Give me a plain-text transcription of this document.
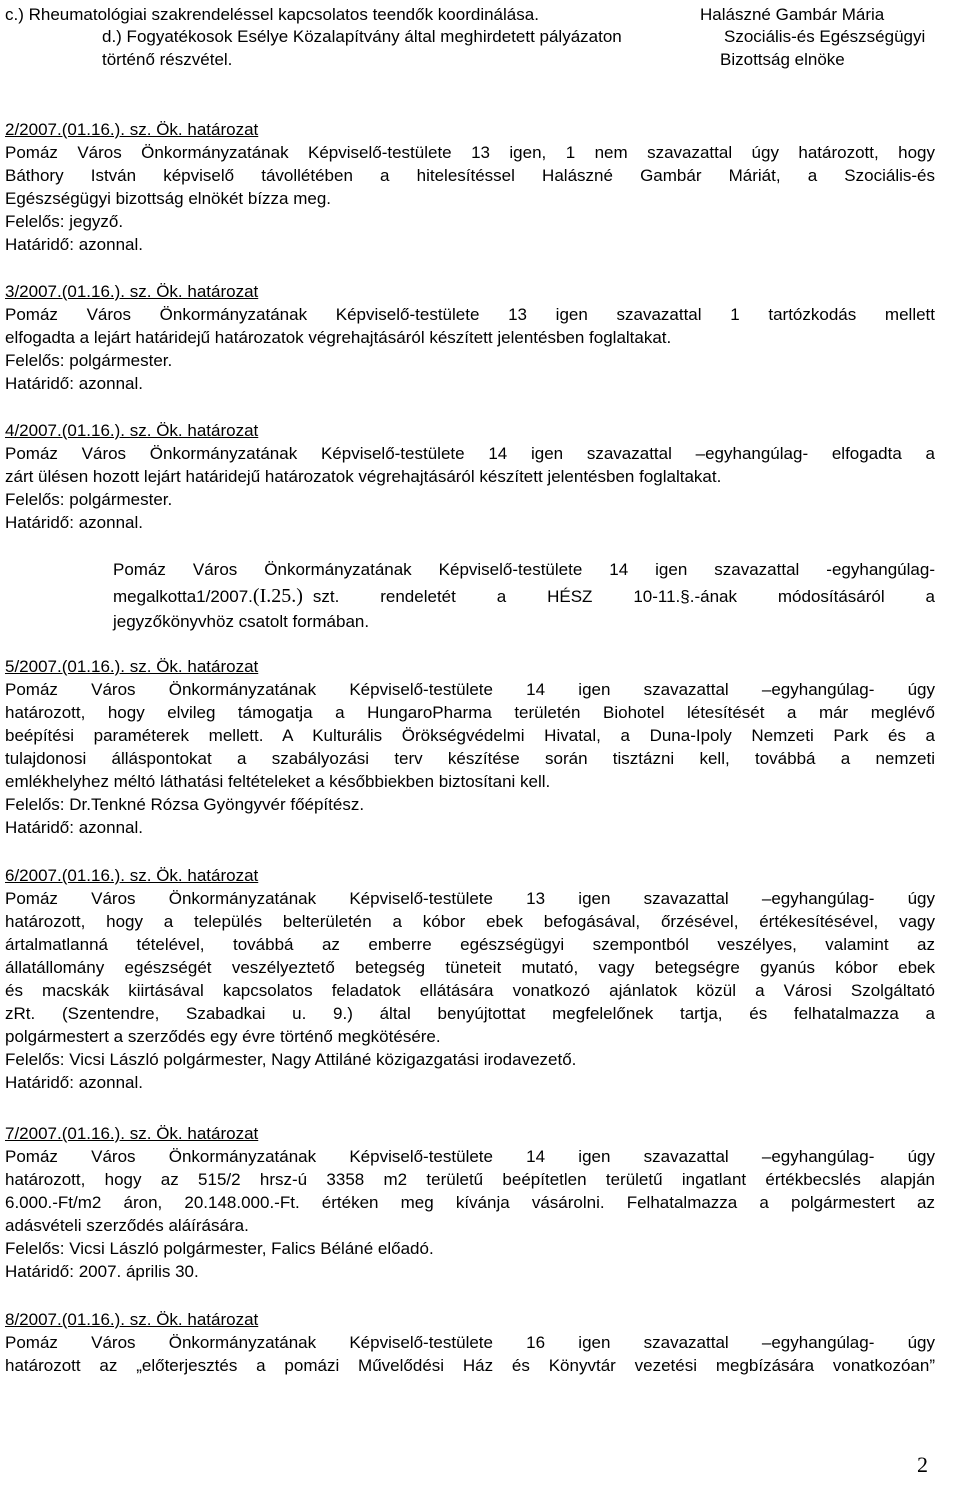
c.) Rheumatológiai szakrendeléssel kapcsolatos teendők koordinálása.	Halászné Gambár Mária
d.) Fogyatékosok Esélye Közalapítvány által meghirdetett pályázaton	Szociális-és Egészségügyi
történő részvétel.	Bizottság elnöke
2/2007.(01.16.). sz. Ök. határozat
Pomáz Város Önkormányzatának Képviselő-testülete 13 igen, 1 nem szavazattal úgy határozott, hogy
Báthory István képviselő távollétében a hitelesítéssel Halászné Gambár Máriát, a Szociális-és
Egészségügyi bizottság elnökét bízza meg.
Felelős: jegyző.
Határidő: azonnal.
3/2007.(01.16.). sz. Ök. határozat
Pomáz Város Önkormányzatának Képviselő-testülete 13 igen szavazattal 1 tartózkodás mellett
elfogadta a lejárt határidejű határozatok végrehajtásáról készített jelentésben foglaltakat.
Felelős: polgármester.
Határidő: azonnal.
4/2007.(01.16.). sz. Ök. határozat
Pomáz Város Önkormányzatának Képviselő-testülete 14 igen szavazattal –egyhangúlag- elfogadta a
zárt ülésen hozott lejárt határidejű határozatok végrehajtásáról készített jelentésben foglaltakat.
Felelős: polgármester.
Határidő: azonnal.
Pomáz Város Önkormányzatának Képviselő-testülete 14 igen szavazattal -egyhangúlag-
megalkotta 1/2007.(I.25.) szt. rendeletét a HÉSZ 10-11.§.-ának módosításáról a
jegyzőkönyvhöz csatolt formában.
5/2007.(01.16.). sz. Ök. határozat
Pomáz Város Önkormányzatának Képviselő-testülete 14 igen szavazattal –egyhangúlag- úgy
határozott, hogy elvileg támogatja a HungaroPharma területén Biohotel létesítését a már meglévő
beépítési paraméterek mellett. A Kulturális Örökségvédelmi Hivatal, a Duna-Ipoly Nemzeti Park és a
tulajdonosi álláspontokat a szabályozási terv készítése során tisztázni kell, továbbá a nemzeti
emlékhelyhez méltó láthatási feltételeket a későbbiekben biztosítani kell.
Felelős: Dr.Tenkné Rózsa Gyöngyvér főépítész.
Határidő: azonnal.
6/2007.(01.16.). sz. Ök. határozat
Pomáz Város Önkormányzatának Képviselő-testülete 13 igen szavazattal –egyhangúlag- úgy
határozott, hogy a település belterületén a kóbor ebek befogásával, őrzésével, értékesítésével, vagy
ártalmatlanná tételével, továbbá az emberre egészségügyi szempontból veszélyes, valamint az
állatállomány egészségét veszélyeztető betegség tüneteit mutató, vagy betegségre gyanús kóbor ebek
és macskák kiirtásával kapcsolatos feladatok ellátására vonatkozó ajánlatok közül a Városi Szolgáltató
zRt. (Szentendre, Szabadkai u. 9.) által benyújtottat megfelelőnek tartja, és felhatalmazza a
polgármestert a szerződés egy évre történő megkötésére.
Felelős: Vicsi László polgármester, Nagy Attiláné közigazgatási irodavezető.
Határidő: azonnal.
7/2007.(01.16.). sz. Ök. határozat
Pomáz Város Önkormányzatának Képviselő-testülete 14 igen szavazattal –egyhangúlag- úgy
határozott, hogy az 515/2 hrsz-ú 3358 m2 területű beépítetlen területű ingatlant értékbecslés alapján
6.000.-Ft/m2 áron, 20.148.000.-Ft. értéken meg kívánja vásárolni. Felhatalmazza a polgármestert az
adásvételi szerződés aláírására.
Felelős: Vicsi László polgármester, Falics Béláné előadó.
Határidő: 2007. április 30.
8/2007.(01.16.). sz. Ök. határozat
Pomáz Város Önkormányzatának Képviselő-testülete 16 igen szavazattal –egyhangúlag- úgy
határozott az „előterjesztés a pomázi Művelődési Ház és Könyvtár vezetési megbízására vonatkozóan”
2
